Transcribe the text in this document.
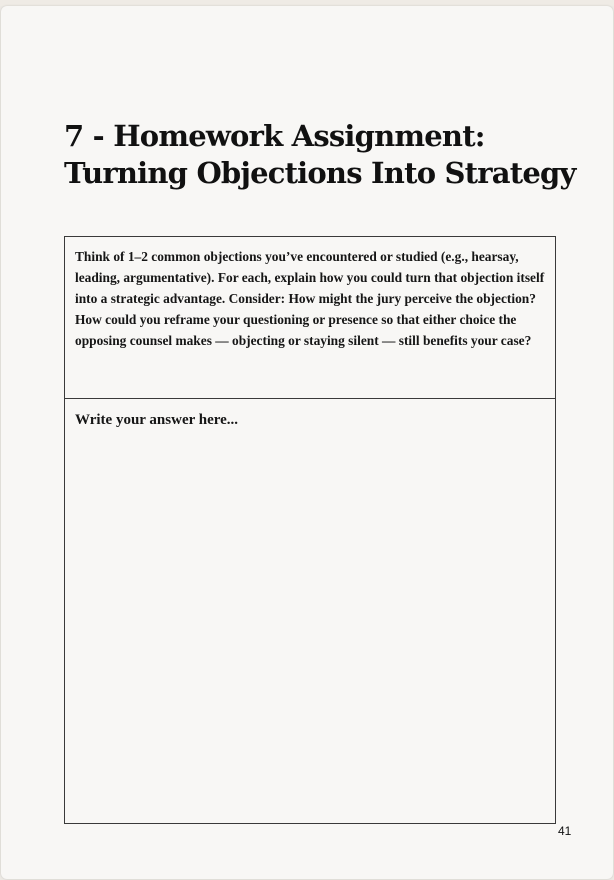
7 - Homework Assignment:
Turning Objections Into Strategy

Think of 1–2 common objections you’ve encountered or studied (e.g., hearsay, leading, argumentative). For each, explain how you could turn that objection itself into a strategic advantage. Consider: How might the jury perceive the objection? How could you reframe your questioning or presence so that either choice the opposing counsel makes — objecting or staying silent — still benefits your case?

Write your answer here...
41
